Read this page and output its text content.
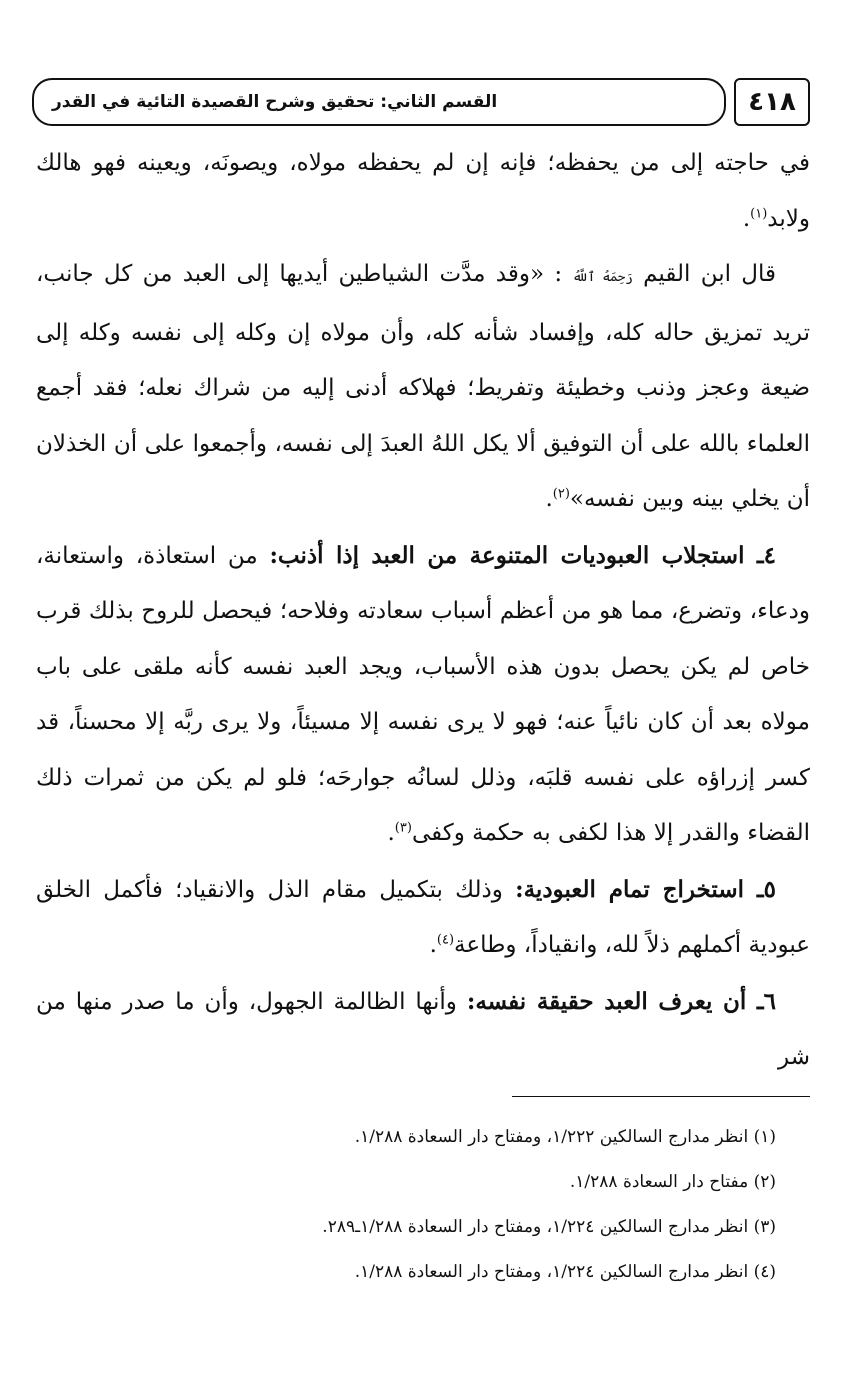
٤١٨
القسم الثاني: تحقيق وشرح القصيدة التائية في القدر

في حاجته إلى من يحفظه؛ فإنه إن لم يحفظه مولاه، ويصونَه، ويعينه فهو هالك ولابد$^{(١)}$.

قال ابن القيم رَحِمَهُ ٱللَّهُ : «وقد مدَّت الشياطين أيديها إلى العبد من كل جانب، تريد تمزيق حاله كله، وإفساد شأنه كله، وأن مولاه إن وكله إلى نفسه وكله إلى ضيعة وعجز وذنب وخطيئة وتفريط؛ فهلاكه أدنى إليه من شراك نعله؛ فقد أجمع العلماء بالله على أن التوفيق ألا يكل اللهُ العبدَ إلى نفسه، وأجمعوا على أن الخذلان أن يخلي بينه وبين نفسه»$^{(٢)}$.

٤ـ استجلاب العبوديات المتنوعة من العبد إذا أذنب: من استعاذة، واستعانة، ودعاء، وتضرع، مما هو من أعظم أسباب سعادته وفلاحه؛ فيحصل للروح بذلك قرب خاص لم يكن يحصل بدون هذه الأسباب، ويجد العبد نفسه كأنه ملقى على باب مولاه بعد أن كان نائياً عنه؛ فهو لا يرى نفسه إلا مسيئاً، ولا يرى ربَّه إلا محسناً، قد كسر إزراؤه على نفسه قلبَه، وذلل لسانُه جوارحَه؛ فلو لم يكن من ثمرات ذلك القضاء والقدر إلا هذا لكفى به حكمة وكفى$^{(٣)}$.

٥ـ استخراج تمام العبودية: وذلك بتكميل مقام الذل والانقياد؛ فأكمل الخلق عبودية أكملهم ذلاً لله، وانقياداً، وطاعة$^{(٤)}$.

٦ـ أن يعرف العبد حقيقة نفسه: وأنها الظالمة الجهول، وأن ما صدر منها من شر

(١) انظر مدارج السالكين ١/٢٢٢، ومفتاح دار السعادة ١/٢٨٨.
(٢) مفتاح دار السعادة ١/٢٨٨.
(٣) انظر مدارج السالكين ١/٢٢٤، ومفتاح دار السعادة ١/٢٨٨ـ٢٨٩.
(٤) انظر مدارج السالكين ١/٢٢٤، ومفتاح دار السعادة ١/٢٨٨.
